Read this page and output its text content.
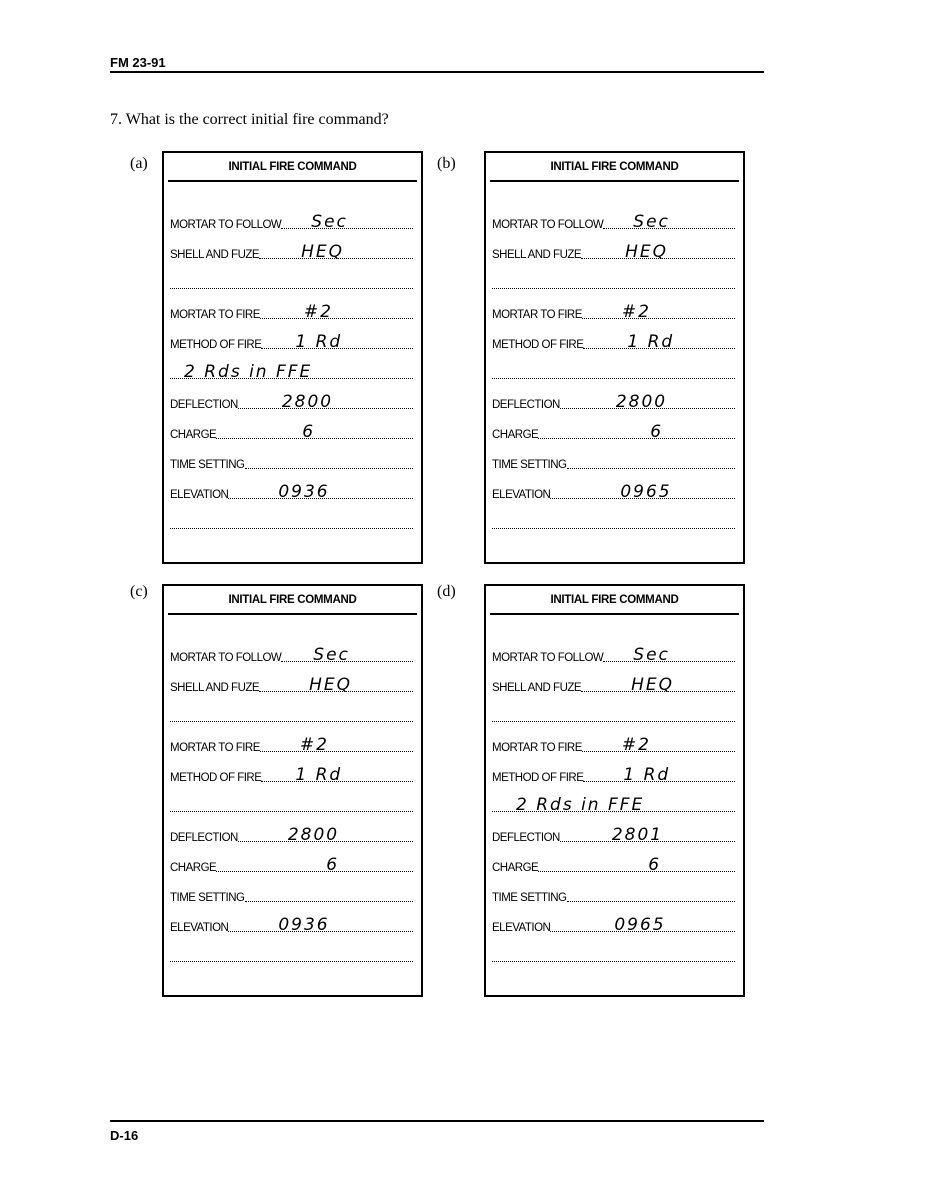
FM 23-91
7. What is the correct initial fire command?
(a)	INITIAL FIRE COMMAND
MORTAR TO FOLLOW Sec
SHELL AND FUZE HEQ
MORTAR TO FIRE	#2
METHOD OF FIRE 1 Rd
2 Rds in FFE
DEFLECTION	2800
CHARGE	6
TIME SETTING
ELEVATION	0936
(b)	INITIAL FIRE COMMAND
MORTAR TO FOLLOW Sec
SHELL AND FUZE	HEQ
MORTAR TO FIRE #2
METHOD OF FIRE	1 Rd
DEFLECTION	2800
CHARGE	6
TIME SETTING
ELEVATION	0965
(c)	INITIAL FIRE COMMAND
MORTAR TO FOLLOW Sec
SHELL AND FUZE	HEQ
MORTAR TO FIRE #2
METHOD OF FIRE 1 Rd
DEFLECTION	2800
CHARGE	6
TIME SETTING
ELEVATION	0936
(d)	INITIAL FIRE COMMAND
MORTAR TO FOLLOW Sec
SHELL AND FUZE	HEQ
MORTAR TO FIRE #2
METHOD OF FIRE 1 Rd
2 Rds in FFE
DEFLECTION	2801
CHARGE	6
TIME SETTING
ELEVATION	0965
D-16
